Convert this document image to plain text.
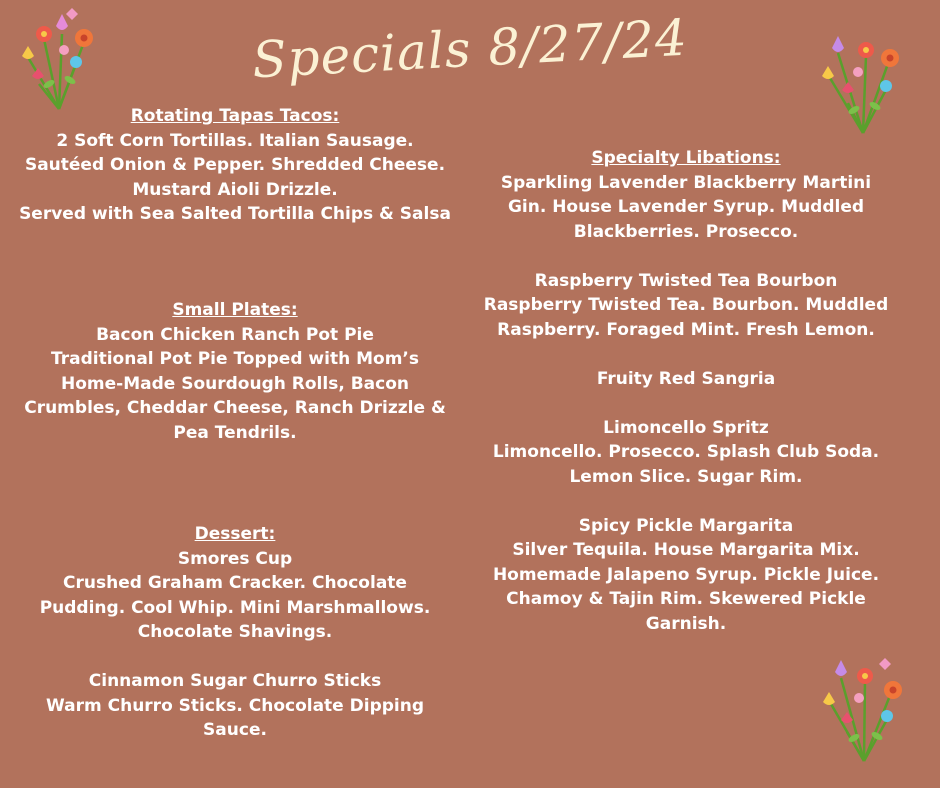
Specials 8/27/24
Rotating Tapas Tacos:
2 Soft Corn Tortillas. Italian Sausage.
Sautéed Onion & Pepper. Shredded Cheese.
Mustard Aioli Drizzle.
Served with Sea Salted Tortilla Chips & Salsa
Small Plates:
Bacon Chicken Ranch Pot Pie
Traditional Pot Pie Topped with Mom’s
Home-Made Sourdough Rolls, Bacon
Crumbles, Cheddar Cheese, Ranch Drizzle &
Pea Tendrils.
Dessert:
Smores Cup
Crushed Graham Cracker. Chocolate
Pudding. Cool Whip. Mini Marshmallows.
Chocolate Shavings.

Cinnamon Sugar Churro Sticks
Warm Churro Sticks. Chocolate Dipping
Sauce.
Specialty Libations:
Sparkling Lavender Blackberry Martini
Gin. House Lavender Syrup. Muddled
Blackberries. Prosecco.

Raspberry Twisted Tea Bourbon
Raspberry Twisted Tea. Bourbon. Muddled
Raspberry. Foraged Mint. Fresh Lemon.

Fruity Red Sangria

Limoncello Spritz
Limoncello. Prosecco. Splash Club Soda.
Lemon Slice. Sugar Rim.

Spicy Pickle Margarita
Silver Tequila. House Margarita Mix.
Homemade Jalapeno Syrup. Pickle Juice.
Chamoy & Tajin Rim. Skewered Pickle
Garnish.
